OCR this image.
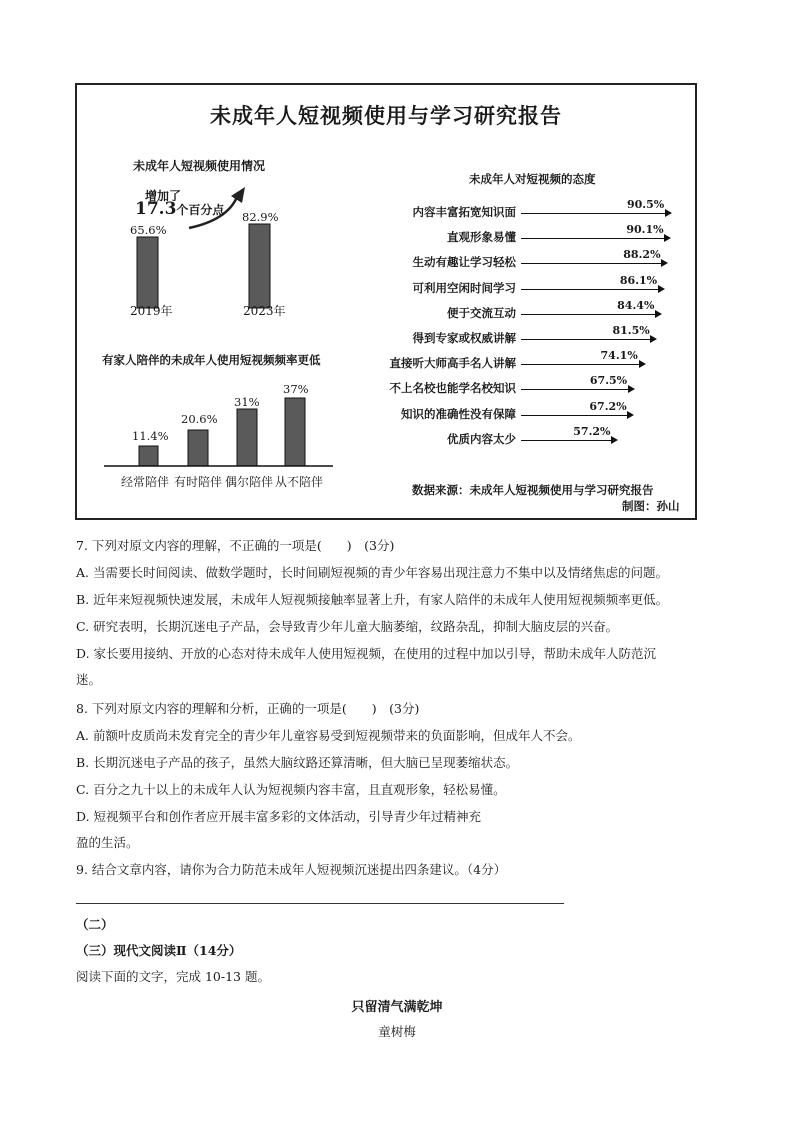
未成年人短视频使用与学习研究报告
未成年人短视频使用情况
65.6%
82.9%
2019年	2023年
增加了
17.3个百分点
有家人陪伴的未成年人使用短视频频率更低
11.4%
20.6%
31%
37%
经常陪伴 有时陪伴 偶尔陪伴 从不陪伴
未成年人对短视频的态度
内容丰富拓宽知识面
90.5%
直观形象易懂
90.1%
生动有趣让学习轻松
88.2%
可利用空闲时间学习
86.1%
便于交流互动
84.4%
得到专家或权威讲解
81.5%
直接听大师高手名人讲解
74.1%
不上名校也能学名校知识
67.5%
知识的准确性没有保障
67.2%
优质内容太少
57.2%
数据来源：未成年人短视频使用与学习研究报告
制图：孙山
7. 下列对原文内容的理解，不正确的一项是(　　)　(3分)
A. 当需要长时间阅读、做数学题时，长时间刷短视频的青少年容易出现注意力不集中以及情绪焦虑的问题。
B. 近年来短视频快速发展，未成年人短视频接触率显著上升，有家人陪伴的未成年人使用短视频频率更低。
C. 研究表明，长期沉迷电子产品，会导致青少年儿童大脑萎缩，纹路杂乱，抑制大脑皮层的兴奋。
D. 家长要用接纳、开放的心态对待未成年人使用短视频，在使用的过程中加以引导，帮助未成年人防范沉
迷。
8. 下列对原文内容的理解和分析，正确的一项是(　　)　(3分)
A. 前额叶皮质尚未发育完全的青少年儿童容易受到短视频带来的负面影响，但成年人不会。
B. 长期沉迷电子产品的孩子，虽然大脑纹路还算清晰，但大脑已呈现萎缩状态。
C. 百分之九十以上的未成年人认为短视频内容丰富，且直观形象，轻松易懂。
D. 短视频平台和创作者应开展丰富多彩的文体活动，引导青少年过精神充
盈的生活。
9. 结合文章内容，请你为合力防范未成年人短视频沉迷提出四条建议。（4分）
（二）
（三）现代文阅读Ⅱ（14分）
阅读下面的文字，完成 10-13 题。
只留清气满乾坤
童树梅
